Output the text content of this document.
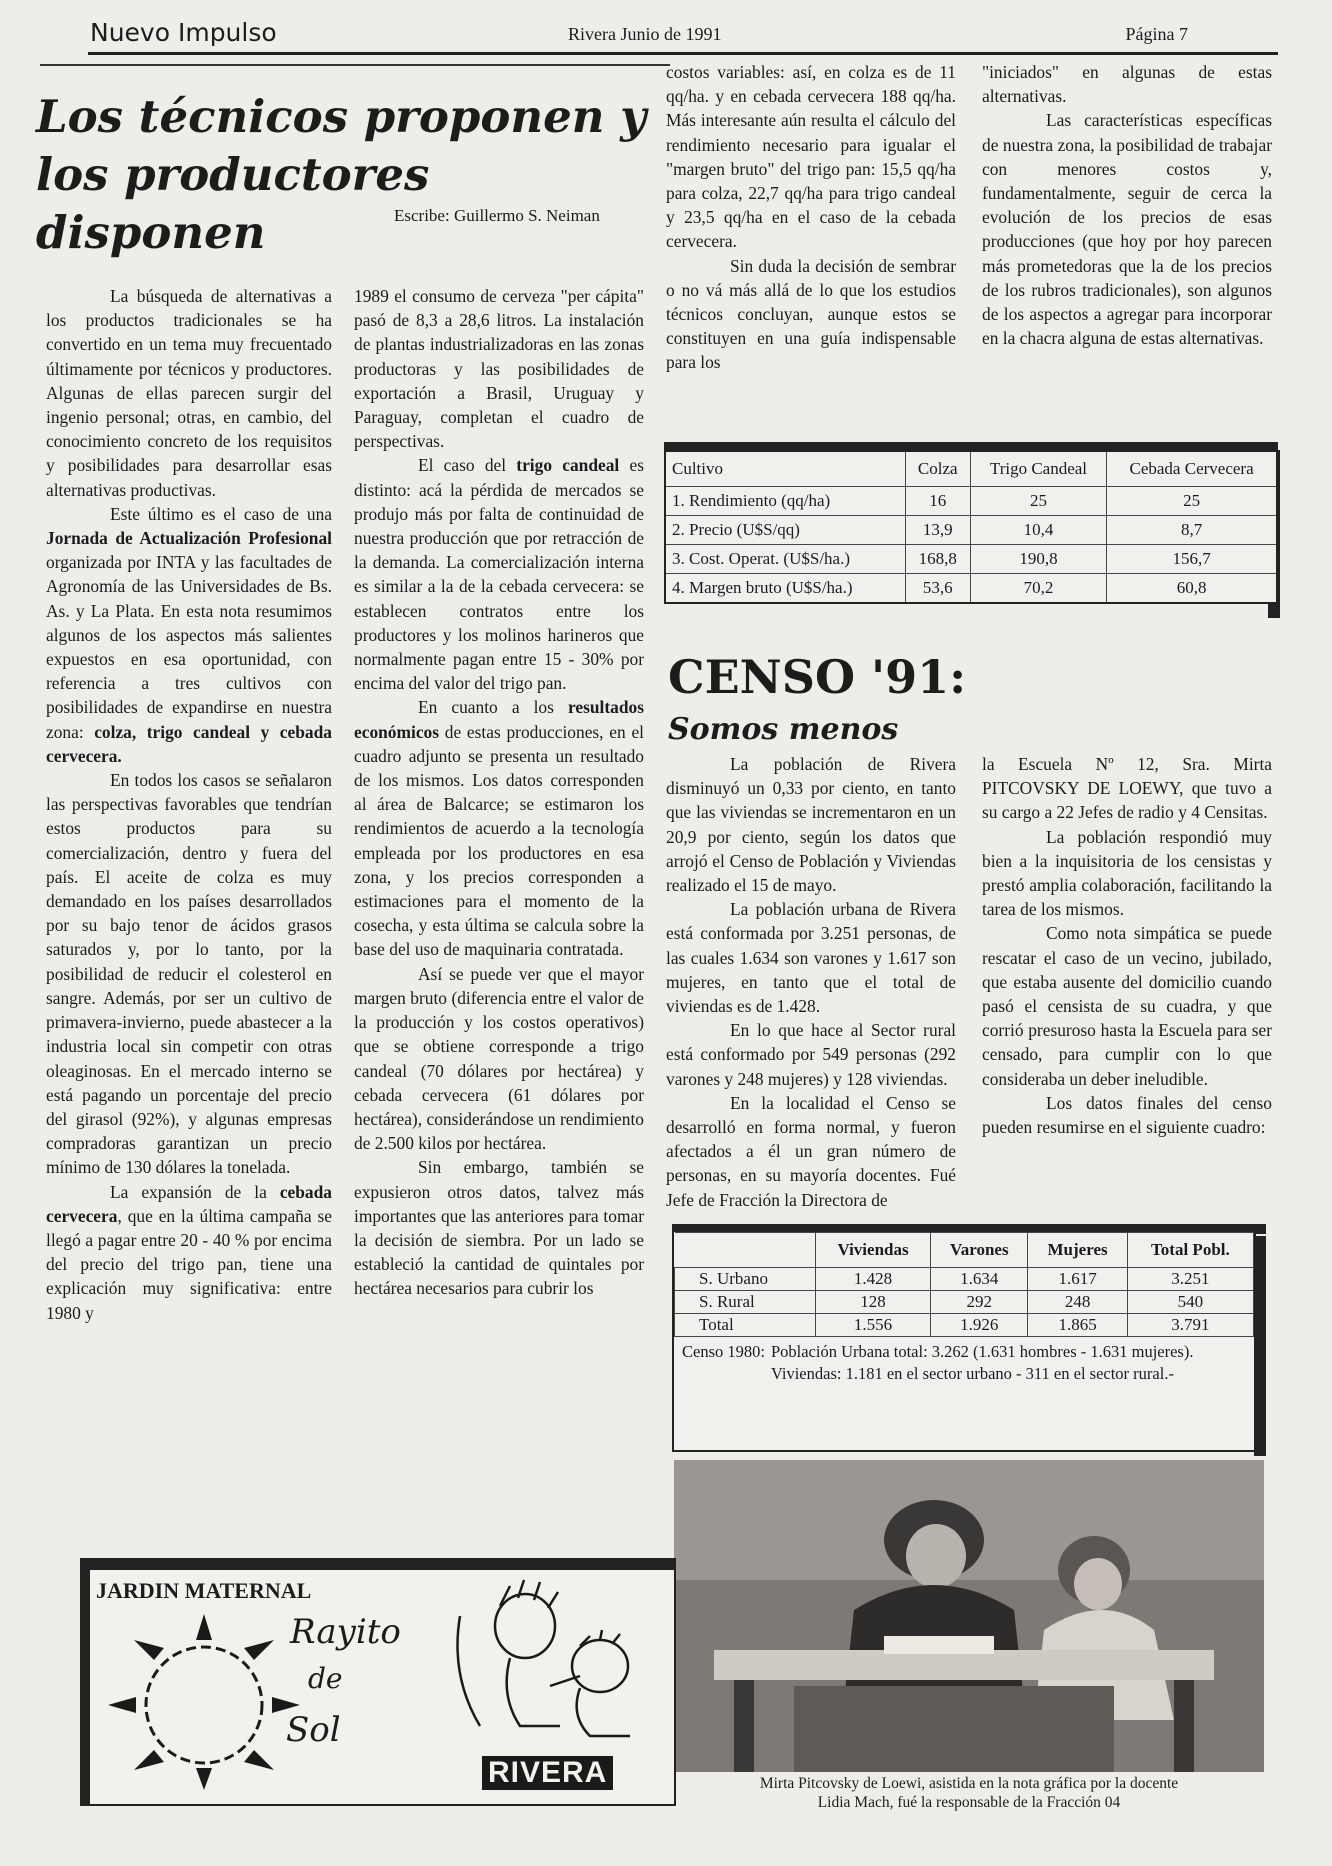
Nuevo Impulso	Rivera Junio de 1991	Página 7
Los técnicos proponen y
los productores disponen	Escribe: Guillermo S. Neiman

La búsqueda de alternativas a los productos tradicionales se ha convertido en un tema muy frecuentado últimamente por técnicos y productores. Algunas de ellas parecen surgir del ingenio personal; otras, en cambio, del conocimiento concreto de los requisitos y posibilidades para desarrollar esas alternativas productivas.

Este último es el caso de una Jornada de Actualización Profesional organizada por INTA y las facultades de Agronomía de las Universidades de Bs. As. y La Plata. En esta nota resumimos algunos de los aspectos más salientes expuestos en esa oportunidad, con referencia a tres cultivos con posibilidades de expandirse en nuestra zona: colza, trigo candeal y cebada cervecera.

En todos los casos se señalaron las perspectivas favorables que tendrían estos productos para su comercialización, dentro y fuera del país. El aceite de colza es muy demandado en los países desarrollados por su bajo tenor de ácidos grasos saturados y, por lo tanto, por la posibilidad de reducir el colesterol en sangre. Además, por ser un cultivo de primavera-invierno, puede abastecer a la industria local sin competir con otras oleaginosas. En el mercado interno se está pagando un porcentaje del precio del girasol (92%), y algunas empresas compradoras garantizan un precio mínimo de 130 dólares la tonelada.

La expansión de la cebada cervecera, que en la última campaña se llegó a pagar entre 20 - 40 % por encima del precio del trigo pan, tiene una explicación muy significativa: entre 1980 y

1989 el consumo de cerveza "per cápita" pasó de 8,3 a 28,6 litros. La instalación de plantas industrializadoras en las zonas productoras y las posibilidades de exportación a Brasil, Uruguay y Paraguay, completan el cuadro de perspectivas.

El caso del trigo candeal es distinto: acá la pérdida de mercados se produjo más por falta de continuidad de nuestra producción que por retracción de la demanda. La comercialización interna es similar a la de la cebada cervecera: se establecen contratos entre los productores y los molinos harineros que normalmente pagan entre 15 - 30% por encima del valor del trigo pan.

En cuanto a los resultados económicos de estas producciones, en el cuadro adjunto se presenta un resultado de los mismos. Los datos corresponden al área de Balcarce; se estimaron los rendimientos de acuerdo a la tecnología empleada por los productores en esa zona, y los precios corresponden a estimaciones para el momento de la cosecha, y esta última se calcula sobre la base del uso de maquinaria contratada.

Así se puede ver que el mayor margen bruto (diferencia entre el valor de la producción y los costos operativos) que se obtiene corresponde a trigo candeal (70 dólares por hectárea) y cebada cervecera (61 dólares por hectárea), considerándose un rendimiento de 2.500 kilos por hectárea.

Sin embargo, también se expusieron otros datos, talvez más importantes que las anteriores para tomar la decisión de siembra. Por un lado se estableció la cantidad de quintales por hectárea necesarios para cubrir los

costos variables: así, en colza es de 11 qq/ha. y en cebada cervecera 188 qq/ha. Más interesante aún resulta el cálculo del rendimiento necesario para igualar el "margen bruto" del trigo pan: 15,5 qq/ha para colza, 22,7 qq/ha para trigo candeal y 23,5 qq/ha en el caso de la cebada cervecera.

Sin duda la decisión de sembrar o no vá más allá de lo que los estudios técnicos concluyan, aunque estos se constituyen en una guía indispensable para los

"iniciados" en algunas de estas alternativas.

Las características específicas de nuestra zona, la posibilidad de trabajar con menores costos y, fundamentalmente, seguir de cerca la evolución de los precios de esas producciones (que hoy por hoy parecen más prometedoras que la de los precios de los rubros tradicionales), son algunos de los aspectos a agregar para incorporar en la chacra alguna de estas alternativas.

Cultivo	Colza	Trigo Candeal	Cebada Cervecera
1. Rendimiento (qq/ha)	16	25	25
2. Precio (U$S/qq)	13,9	10,4	8,7
3. Cost. Operat. (U$S/ha.)	168,8	190,8	156,7
4. Margen bruto (U$S/ha.)	53,6	70,2	60,8
CENSO '91:
Somos menos

La población de Rivera disminuyó un 0,33 por ciento, en tanto que las viviendas se incrementaron en un 20,9 por ciento, según los datos que arrojó el Censo de Población y Viviendas realizado el 15 de mayo.

La población urbana de Rivera está conformada por 3.251 personas, de las cuales 1.634 son varones y 1.617 son mujeres, en tanto que el total de viviendas es de 1.428.

En lo que hace al Sector rural está conformado por 549 personas (292 varones y 248 mujeres) y 128 viviendas.

En la localidad el Censo se desarrolló en forma normal, y fueron afectados a él un gran número de personas, en su mayoría docentes. Fué Jefe de Fracción la Directora de

la Escuela Nº 12, Sra. Mirta PITCOVSKY DE LOEWY, que tuvo a su cargo a 22 Jefes de radio y 4 Censitas.

La población respondió muy bien a la inquisitoria de los censistas y prestó amplia colaboración, facilitando la tarea de los mismos.

Como nota simpática se puede rescatar el caso de un vecino, jubilado, que estaba ausente del domicilio cuando pasó el censista de su cuadra, y que corrió presuroso hasta la Escuela para ser censado, para cumplir con lo que consideraba un deber ineludible.

Los datos finales del censo pueden resumirse en el siguiente cuadro:

	Viviendas	Varones	Mujeres	Total Pobl.
S. Urbano	1.428	1.634	1.617	3.251
S. Rural	128	292	248	540
Total	1.556	1.926	1.865	3.791
Censo 1980: Población Urbana total: 3.262 (1.631 hombres - 1.631 mujeres). Viviendas: 1.181 en el sector urbano - 311 en el sector rural.-
Mirta Pitcovsky de Loewi, asistida en la nota gráfica por la docente
Lidia Mach, fué la responsable de la Fracción 04
JARDIN MATERNAL
Rayito
de
Sol
RIVERA
